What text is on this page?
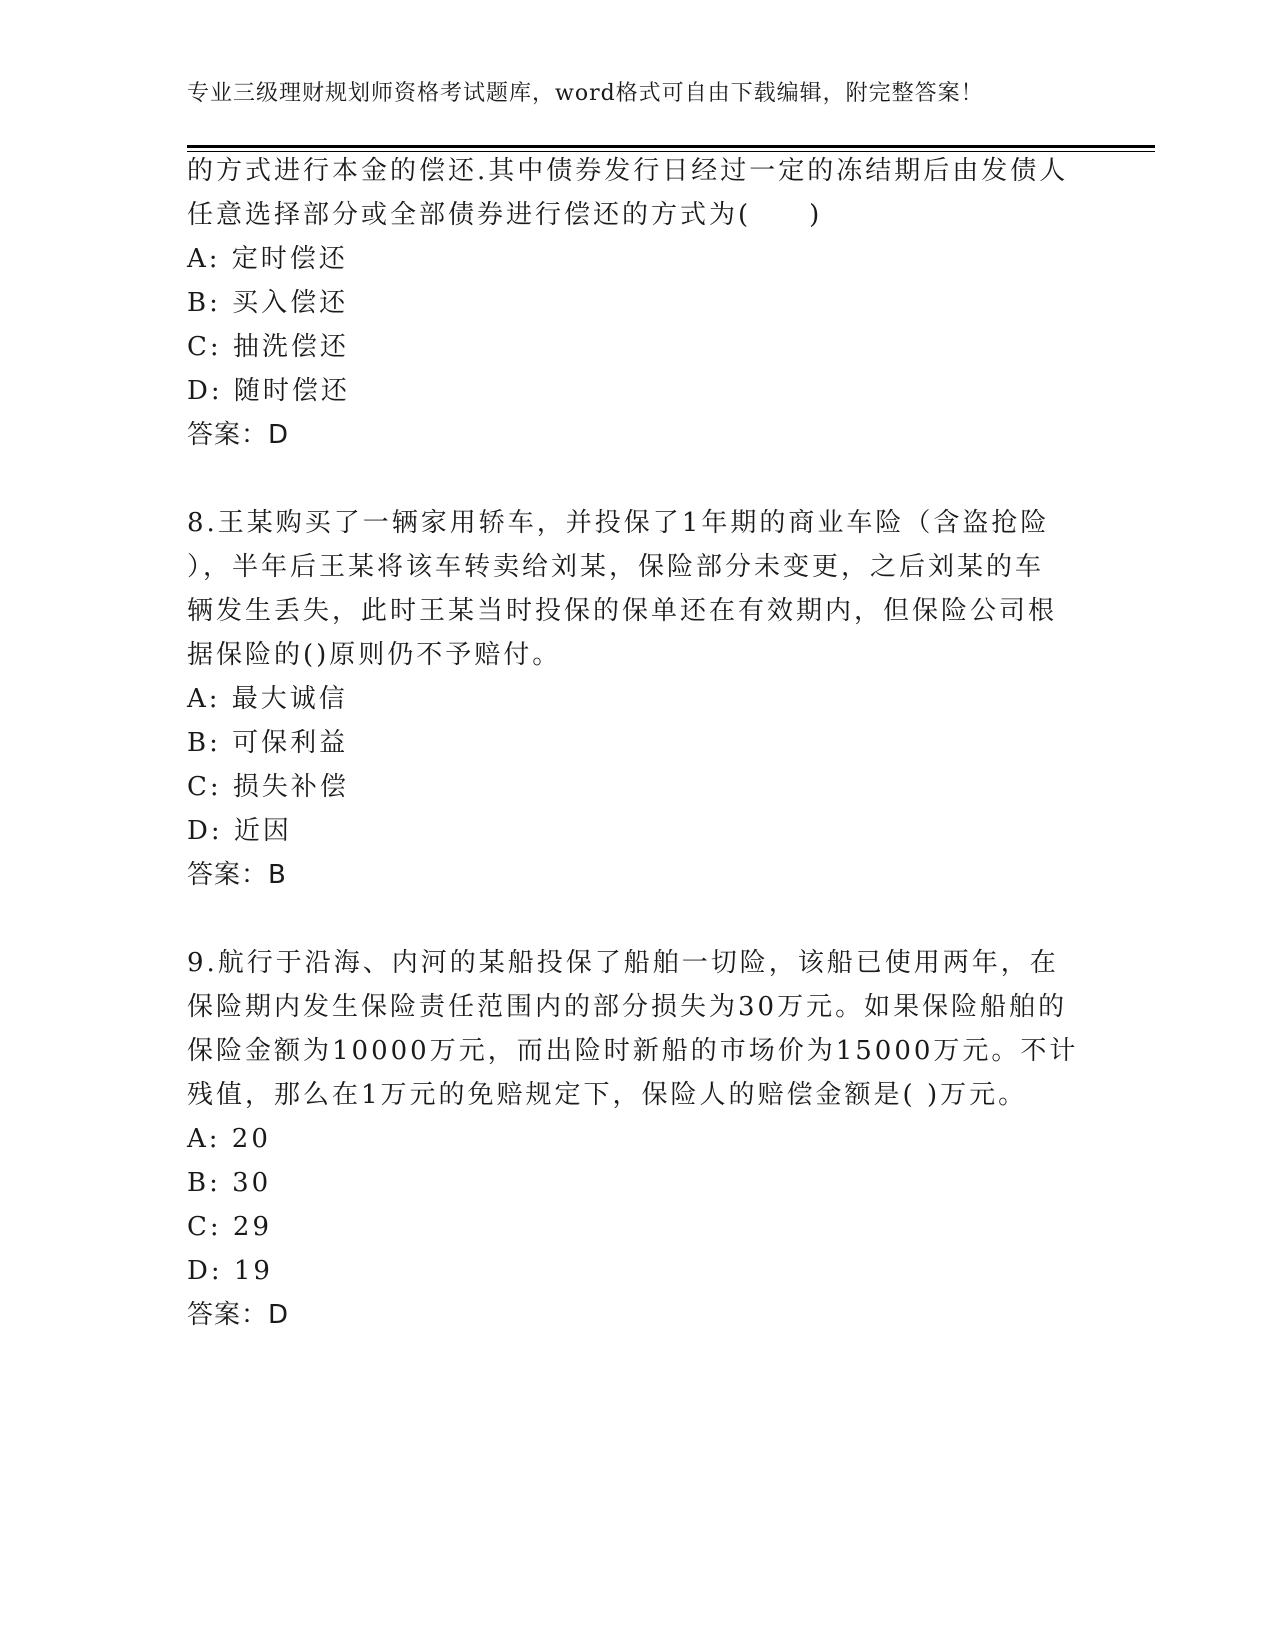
专业三级理财规划师资格考试题库，word格式可自由下载编辑，附完整答案！
的方式进行本金的偿还.其中债券发行日经过一定的冻结期后由发债人
任意选择部分或全部债券进行偿还的方式为(　　)
A: 定时偿还
B: 买入偿还
C: 抽洗偿还
D: 随时偿还
答案：D
8.王某购买了一辆家用轿车，并投保了1年期的商业车险（含盗抢险
），半年后王某将该车转卖给刘某，保险部分未变更，之后刘某的车
辆发生丢失，此时王某当时投保的保单还在有效期内，但保险公司根
据保险的()原则仍不予赔付。
A: 最大诚信
B: 可保利益
C: 损失补偿
D: 近因
答案：B
9.航行于沿海、内河的某船投保了船舶一切险，该船已使用两年，在
保险期内发生保险责任范围内的部分损失为30万元。如果保险船舶的
保险金额为10000万元，而出险时新船的市场价为15000万元。不计
残值，那么在1万元的免赔规定下，保险人的赔偿金额是( )万元。
A: 20
B: 30
C: 29
D: 19
答案：D
